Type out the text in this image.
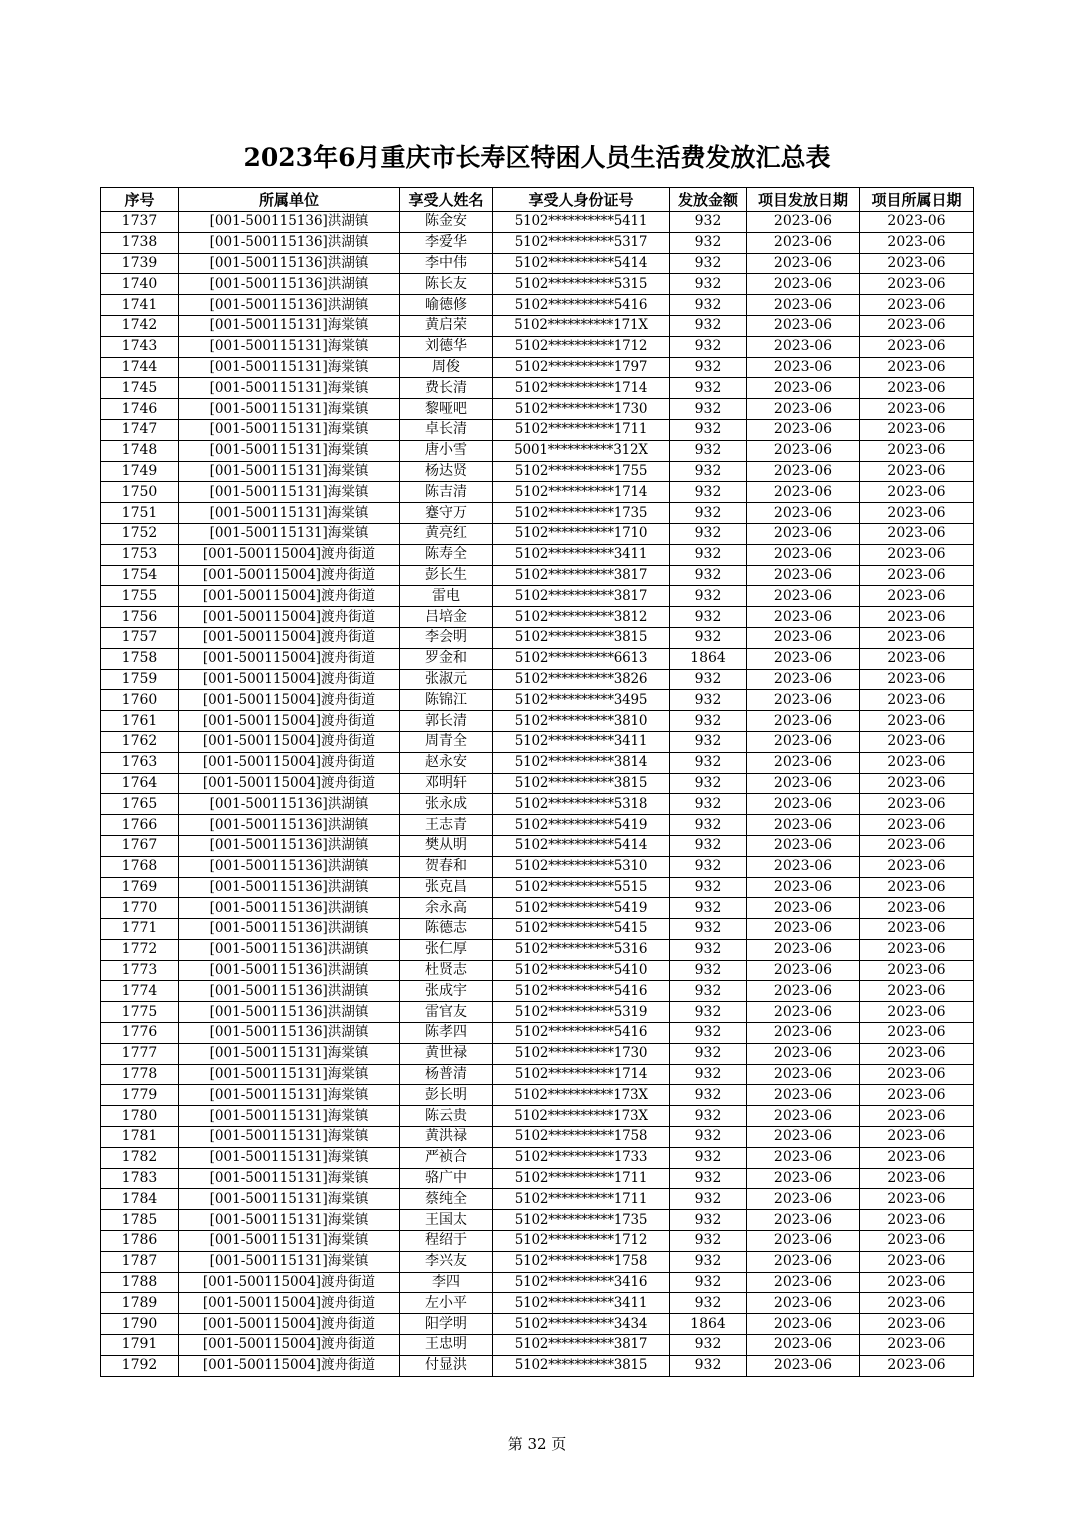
2023年6月重庆市长寿区特困人员生活费发放汇总表
序号	所属单位	享受人姓名	享受人身份证号	发放金额	项目发放日期	项目所属日期
1737	[001-500115136]洪湖镇	陈金安	5102**********5411	932	2023-06	2023-06
1738	[001-500115136]洪湖镇	李爱华	5102**********5317	932	2023-06	2023-06
1739	[001-500115136]洪湖镇	李中伟	5102**********5414	932	2023-06	2023-06
1740	[001-500115136]洪湖镇	陈长友	5102**********5315	932	2023-06	2023-06
1741	[001-500115136]洪湖镇	喻德修	5102**********5416	932	2023-06	2023-06
1742	[001-500115131]海棠镇	黄启荣	5102**********171X	932	2023-06	2023-06
1743	[001-500115131]海棠镇	刘德华	5102**********1712	932	2023-06	2023-06
1744	[001-500115131]海棠镇	周俊	5102**********1797	932	2023-06	2023-06
1745	[001-500115131]海棠镇	费长清	5102**********1714	932	2023-06	2023-06
1746	[001-500115131]海棠镇	黎哑吧	5102**********1730	932	2023-06	2023-06
1747	[001-500115131]海棠镇	卓长清	5102**********1711	932	2023-06	2023-06
1748	[001-500115131]海棠镇	唐小雪	5001**********312X	932	2023-06	2023-06
1749	[001-500115131]海棠镇	杨达贤	5102**********1755	932	2023-06	2023-06
1750	[001-500115131]海棠镇	陈吉清	5102**********1714	932	2023-06	2023-06
1751	[001-500115131]海棠镇	蹇守万	5102**********1735	932	2023-06	2023-06
1752	[001-500115131]海棠镇	黄亮红	5102**********1710	932	2023-06	2023-06
1753	[001-500115004]渡舟街道	陈寿全	5102**********3411	932	2023-06	2023-06
1754	[001-500115004]渡舟街道	彭长生	5102**********3817	932	2023-06	2023-06
1755	[001-500115004]渡舟街道	雷电	5102**********3817	932	2023-06	2023-06
1756	[001-500115004]渡舟街道	吕培金	5102**********3812	932	2023-06	2023-06
1757	[001-500115004]渡舟街道	李会明	5102**********3815	932	2023-06	2023-06
1758	[001-500115004]渡舟街道	罗金和	5102**********6613	1864	2023-06	2023-06
1759	[001-500115004]渡舟街道	张淑元	5102**********3826	932	2023-06	2023-06
1760	[001-500115004]渡舟街道	陈锦江	5102**********3495	932	2023-06	2023-06
1761	[001-500115004]渡舟街道	郭长清	5102**********3810	932	2023-06	2023-06
1762	[001-500115004]渡舟街道	周青全	5102**********3411	932	2023-06	2023-06
1763	[001-500115004]渡舟街道	赵永安	5102**********3814	932	2023-06	2023-06
1764	[001-500115004]渡舟街道	邓明轩	5102**********3815	932	2023-06	2023-06
1765	[001-500115136]洪湖镇	张永成	5102**********5318	932	2023-06	2023-06
1766	[001-500115136]洪湖镇	王志青	5102**********5419	932	2023-06	2023-06
1767	[001-500115136]洪湖镇	樊从明	5102**********5414	932	2023-06	2023-06
1768	[001-500115136]洪湖镇	贺春和	5102**********5310	932	2023-06	2023-06
1769	[001-500115136]洪湖镇	张克昌	5102**********5515	932	2023-06	2023-06
1770	[001-500115136]洪湖镇	余永高	5102**********5419	932	2023-06	2023-06
1771	[001-500115136]洪湖镇	陈德志	5102**********5415	932	2023-06	2023-06
1772	[001-500115136]洪湖镇	张仁厚	5102**********5316	932	2023-06	2023-06
1773	[001-500115136]洪湖镇	杜贤志	5102**********5410	932	2023-06	2023-06
1774	[001-500115136]洪湖镇	张成宇	5102**********5416	932	2023-06	2023-06
1775	[001-500115136]洪湖镇	雷官友	5102**********5319	932	2023-06	2023-06
1776	[001-500115136]洪湖镇	陈孝四	5102**********5416	932	2023-06	2023-06
1777	[001-500115131]海棠镇	黄世禄	5102**********1730	932	2023-06	2023-06
1778	[001-500115131]海棠镇	杨普清	5102**********1714	932	2023-06	2023-06
1779	[001-500115131]海棠镇	彭长明	5102**********173X	932	2023-06	2023-06
1780	[001-500115131]海棠镇	陈云贵	5102**********173X	932	2023-06	2023-06
1781	[001-500115131]海棠镇	黄洪禄	5102**********1758	932	2023-06	2023-06
1782	[001-500115131]海棠镇	严祯合	5102**********1733	932	2023-06	2023-06
1783	[001-500115131]海棠镇	骆广中	5102**********1711	932	2023-06	2023-06
1784	[001-500115131]海棠镇	蔡纯全	5102**********1711	932	2023-06	2023-06
1785	[001-500115131]海棠镇	王国太	5102**********1735	932	2023-06	2023-06
1786	[001-500115131]海棠镇	程绍于	5102**********1712	932	2023-06	2023-06
1787	[001-500115131]海棠镇	李兴友	5102**********1758	932	2023-06	2023-06
1788	[001-500115004]渡舟街道	李四	5102**********3416	932	2023-06	2023-06
1789	[001-500115004]渡舟街道	左小平	5102**********3411	932	2023-06	2023-06
1790	[001-500115004]渡舟街道	阳学明	5102**********3434	1864	2023-06	2023-06
1791	[001-500115004]渡舟街道	王忠明	5102**********3817	932	2023-06	2023-06
1792	[001-500115004]渡舟街道	付显洪	5102**********3815	932	2023-06	2023-06
第 32 页
